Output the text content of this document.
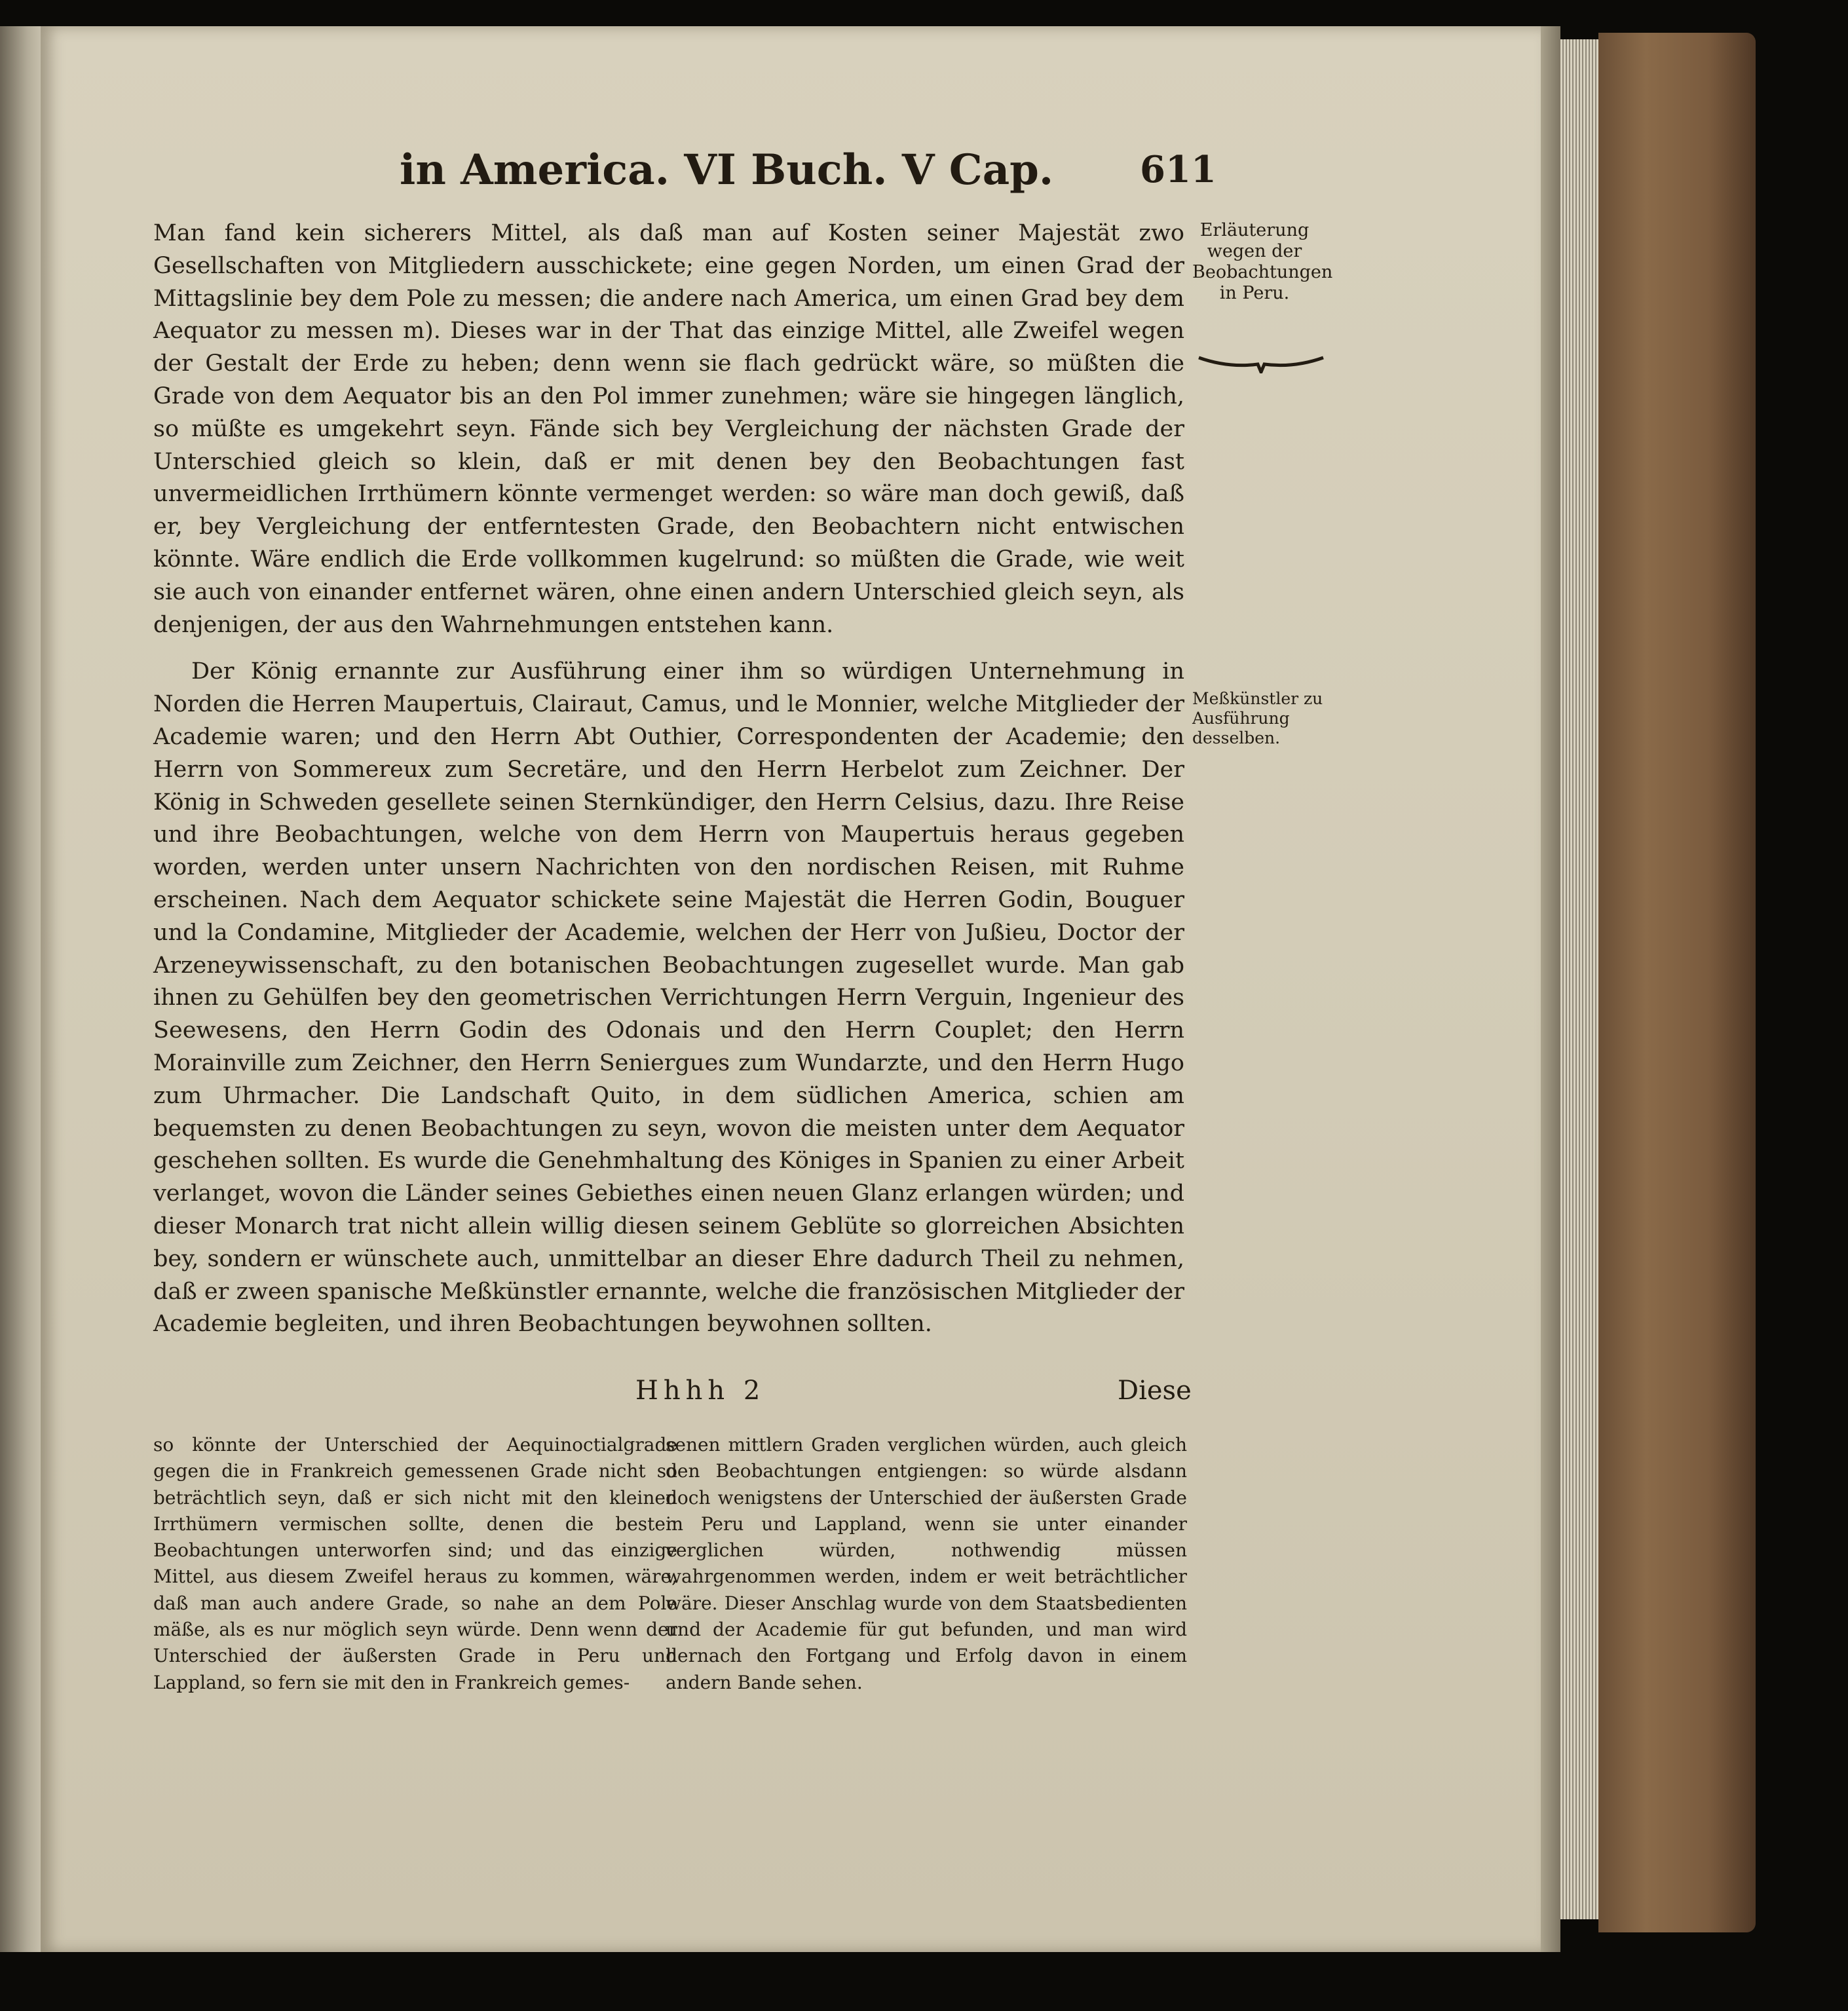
in America. VI Buch. V Cap.	611

Man fand kein sicherers Mittel, als daß man auf Kosten seiner Majestät zwo Gesellschaften von Mitgliedern ausschickete; eine gegen Norden, um einen Grad der Mittagslinie bey dem Pole zu messen; die andere nach America, um einen Grad bey dem Aequator zu messen m). Dieses war in der That das einzige Mittel, alle Zweifel wegen der Gestalt der Erde zu heben; denn wenn sie flach gedrückt wäre, so müßten die Grade von dem Aequator bis an den Pol immer zunehmen; wäre sie hingegen länglich, so müßte es umgekehrt seyn. Fände sich bey Vergleichung der nächsten Grade der Unterschied gleich so klein, daß er mit denen bey den Beobachtungen fast unvermeidlichen Irrthümern könnte vermenget werden: so wäre man doch gewiß, daß er, bey Vergleichung der entferntesten Grade, den Beobachtern nicht entwischen könnte. Wäre endlich die Erde vollkommen kugelrund: so müßten die Grade, wie weit sie auch von einander entfernet wären, ohne einen andern Unterschied gleich seyn, als denjenigen, der aus den Wahrnehmungen entstehen kann.

Der König ernannte zur Ausführung einer ihm so würdigen Unternehmung in Norden die Herren Maupertuis, Clairaut, Camus, und le Monnier, welche Mitglieder der Academie waren; und den Herrn Abt Outhier, Correspondenten der Academie; den Herrn von Sommereux zum Secretäre, und den Herrn Herbelot zum Zeichner. Der König in Schweden gesellete seinen Sternkündiger, den Herrn Celsius, dazu. Ihre Reise und ihre Beobachtungen, welche von dem Herrn von Maupertuis heraus gegeben worden, werden unter unsern Nachrichten von den nordischen Reisen, mit Ruhme erscheinen. Nach dem Aequator schickete seine Majestät die Herren Godin, Bouguer und la Condamine, Mitglieder der Academie, welchen der Herr von Jußieu, Doctor der Arzeneywissenschaft, zu den botanischen Beobachtungen zugesellet wurde. Man gab ihnen zu Gehülfen bey den geometrischen Verrichtungen Herrn Verguin, Ingenieur des Seewesens, den Herrn Godin des Odonais und den Herrn Couplet; den Herrn Morainville zum Zeichner, den Herrn Seniergues zum Wundarzte, und den Herrn Hugo zum Uhrmacher. Die Landschaft Quito, in dem südlichen America, schien am bequemsten zu denen Beobachtungen zu seyn, wovon die meisten unter dem Aequator geschehen sollten. Es wurde die Genehmhaltung des Königes in Spanien zu einer Arbeit verlanget, wovon die Länder seines Gebiethes einen neuen Glanz erlangen würden; und dieser Monarch trat nicht allein willig diesen seinem Geblüte so glorreichen Absichten bey, sondern er wünschete auch, unmittelbar an dieser Ehre dadurch Theil zu nehmen, daß er zween spanische Meßkünstler ernannte, welche die französischen Mitglieder der Academie begleiten, und ihren Beobachtungen beywohnen sollten.

Erläuterung wegen der Beobachtungen in Peru.
Meßkünstler zu Ausführung desselben.
Hhhh 2	Diese
so könnte der Unterschied der Aequinoctialgrade gegen die in Frankreich gemessenen Grade nicht so beträchtlich seyn, daß er sich nicht mit den kleinen Irrthümern vermischen sollte, denen die besten Beobachtungen unterworfen sind; und das einzige Mittel, aus diesem Zweifel heraus zu kommen, wäre, daß man auch andere Grade, so nahe an dem Pole mäße, als es nur möglich seyn würde. Denn wenn der Unterschied der äußersten Grade in Peru und Lappland, so fern sie mit den in Frankreich gemes-
senen mittlern Graden verglichen würden, auch gleich den Beobachtungen entgiengen: so würde alsdann doch wenigstens der Unterschied der äußersten Grade in Peru und Lappland, wenn sie unter einander verglichen würden, nothwendig müssen wahrgenommen werden, indem er weit beträchtlicher wäre. Dieser Anschlag wurde von dem Staatsbedienten und der Academie für gut befunden, und man wird hernach den Fortgang und Erfolg davon in einem andern Bande sehen.
